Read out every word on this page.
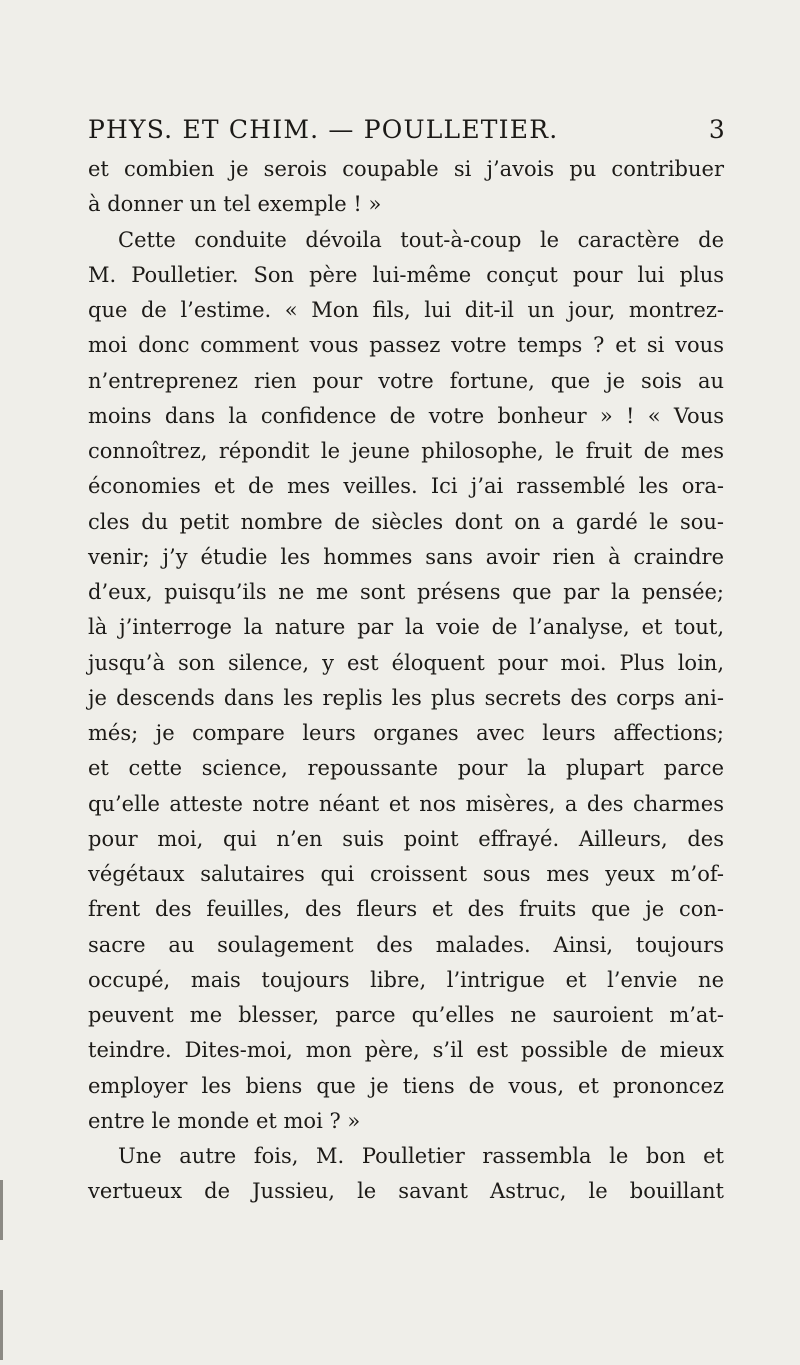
PHYS. ET CHIM. — POULLETIER.	3
et combien je serois coupable si j’avois pu contribuer
à donner un tel exemple ! »
Cette conduite dévoila tout-à-coup le caractère de
M. Poulletier. Son père lui-même conçut pour lui plus
que de l’estime. « Mon fils, lui dit-il un jour, montrez-
moi donc comment vous passez votre temps ? et si vous
n’entreprenez rien pour votre fortune, que je sois au
moins dans la confidence de votre bonheur » ! « Vous
connoîtrez, répondit le jeune philosophe, le fruit de mes
économies et de mes veilles. Ici j’ai rassemblé les ora-
cles du petit nombre de siècles dont on a gardé le sou-
venir; j’y étudie les hommes sans avoir rien à craindre
d’eux, puisqu’ils ne me sont présens que par la pensée;
là j’interroge la nature par la voie de l’analyse, et tout,
jusqu’à son silence, y est éloquent pour moi. Plus loin,
je descends dans les replis les plus secrets des corps ani-
més; je compare leurs organes avec leurs affections;
et cette science, repoussante pour la plupart parce
qu’elle atteste notre néant et nos misères, a des charmes
pour moi, qui n’en suis point effrayé. Ailleurs, des
végétaux salutaires qui croissent sous mes yeux m’of-
frent des feuilles, des fleurs et des fruits que je con-
sacre au soulagement des malades. Ainsi, toujours
occupé, mais toujours libre, l’intrigue et l’envie ne
peuvent me blesser, parce qu’elles ne sauroient m’at-
teindre. Dites-moi, mon père, s’il est possible de mieux
employer les biens que je tiens de vous, et prononcez
entre le monde et moi ? »
Une autre fois, M. Poulletier rassembla le bon et
vertueux de Jussieu, le savant Astruc, le bouillant
